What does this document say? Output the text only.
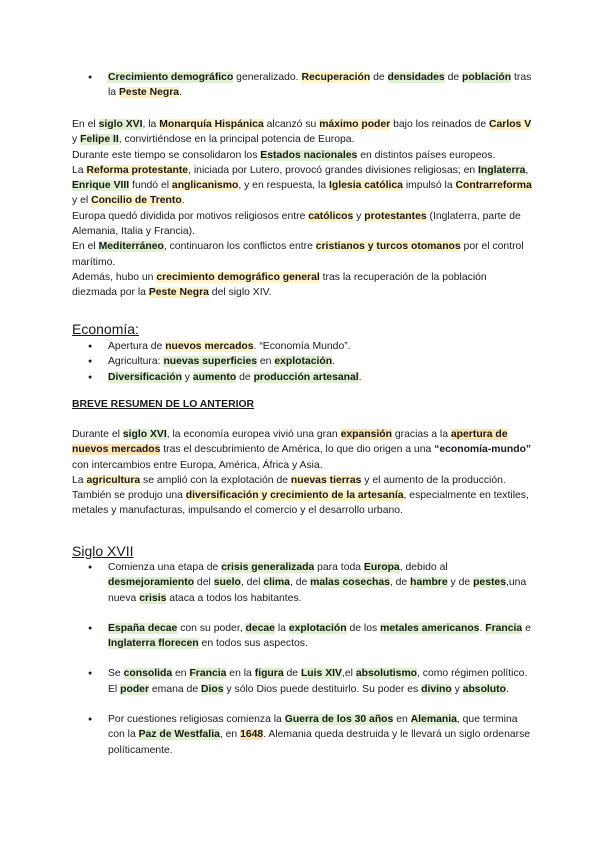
● Crecimiento demográfico generalizado. Recuperación de densidades de población tras la Peste Negra.

En el siglo XVI, la Monarquía Hispánica alcanzó su máximo poder bajo los reinados de Carlos V y Felipe II, convirtiéndose en la principal potencia de Europa.

Durante este tiempo se consolidaron los Estados nacionales en distintos países europeos.

La Reforma protestante, iniciada por Lutero, provocó grandes divisiones religiosas; en Inglaterra, Enrique VIII fundó el anglicanismo, y en respuesta, la Iglesia católica impulsó la Contrarreforma y el Concilio de Trento.

Europa quedó dividida por motivos religiosos entre católicos y protestantes (Inglaterra, parte de Alemania, Italia y Francia).

En el Mediterráneo, continuaron los conflictos entre cristianos y turcos otomanos por el control marítimo.

Además, hubo un crecimiento demográfico general tras la recuperación de la población diezmada por la Peste Negra del siglo XIV.

Economía:

● Apertura de nuevos mercados. “Economía Mundo”.

● Agricultura: nuevas superficies en explotación.

● Diversificación y aumento de producción artesanal.

BREVE RESUMEN DE LO ANTERIOR

Durante el siglo XVI, la economía europea vivió una gran expansión gracias a la apertura de nuevos mercados tras el descubrimiento de América, lo que dio origen a una “economía-mundo” con intercambios entre Europa, América, África y Asia.

La agricultura se amplió con la explotación de nuevas tierras y el aumento de la producción.

También se produjo una diversificación y crecimiento de la artesanía, especialmente en textiles, metales y manufacturas, impulsando el comercio y el desarrollo urbano.

Siglo XVII

● Comienza una etapa de crisis generalizada para toda Europa, debido al desmejoramiento del suelo, del clima, de malas cosechas, de hambre y de pestes,una nueva crisis ataca a todos los habitantes.

● España decae con su poder, decae la explotación de los metales americanos. Francia e Inglaterra florecen en todos sus aspectos.

● Se consolida en Francia en la figura de Luis XIV,el absolutismo, como régimen político. El poder emana de Dios y sólo Dios puede destituirlo. Su poder es divino y absoluto.

● Por cuestiones religiosas comienza la Guerra de los 30 años en Alemania, que termina con la Paz de Westfalia, en 1648. Alemania queda destruida y le llevará un siglo ordenarse políticamente.
